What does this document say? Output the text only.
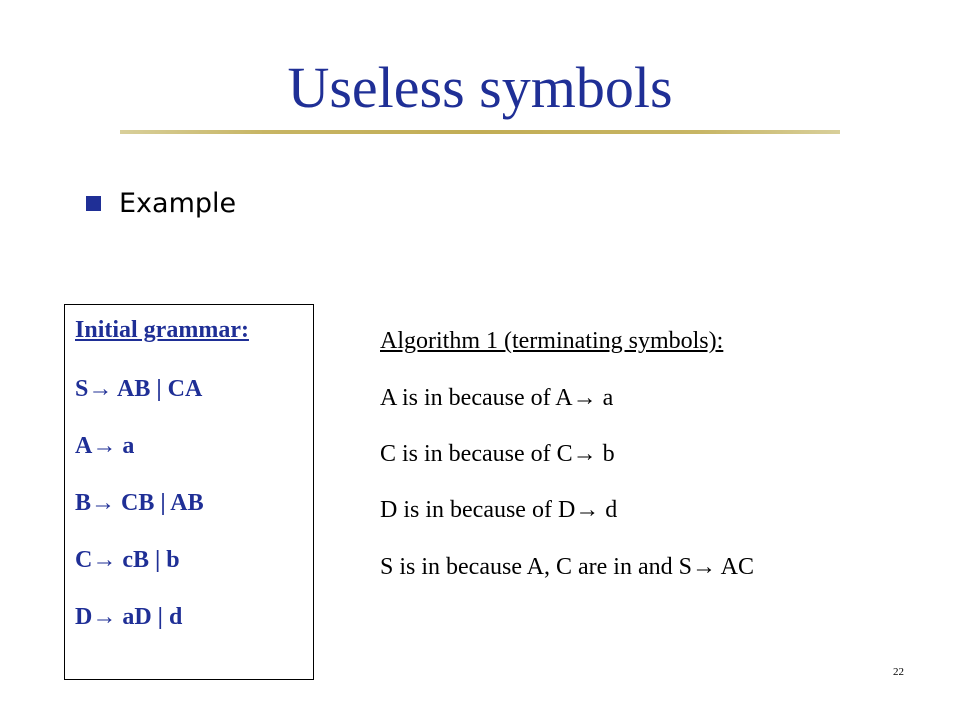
Useless symbols
Example
Initial grammar:
S→ AB | CA
A→ a
B→ CB | AB
C→ cB | b
D→ aD | d
Algorithm 1 (terminating symbols):
A is in because of A→ a
C is in because of C→ b
D is in because of D→ d
S is in because A, C are in and S→ AC
22
